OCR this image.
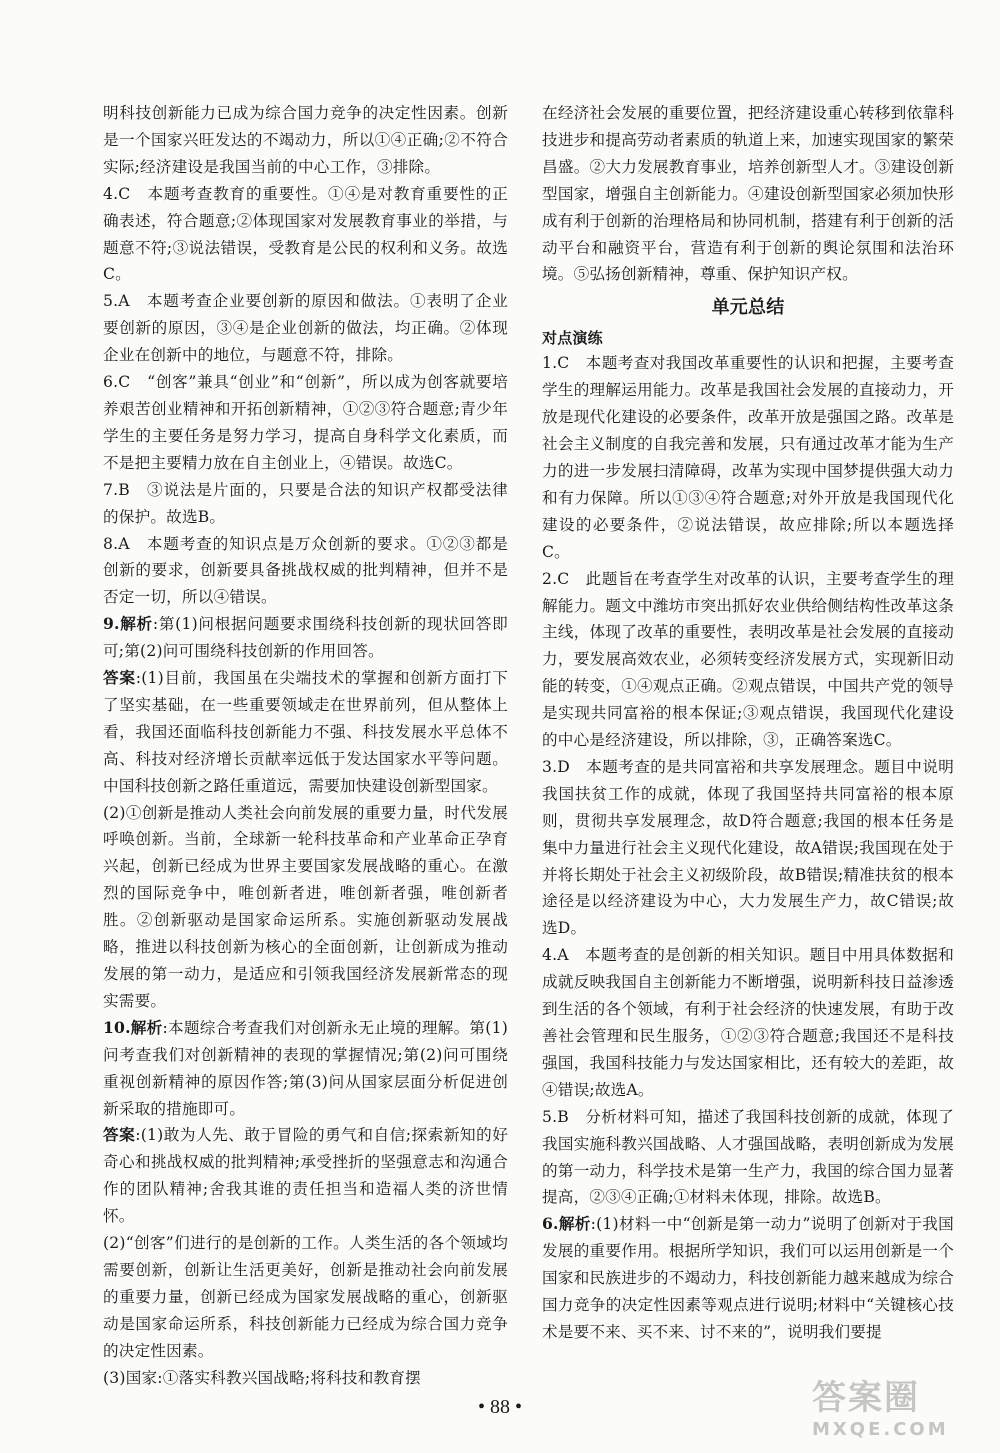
明科技创新能力已成为综合国力竞争的决定性因素。创新是一个国家兴旺发达的不竭动力，所以①④正确;②不符合实际;经济建设是我国当前的中心工作，③排除。
4.C　本题考查教育的重要性。①④是对教育重要性的正确表述，符合题意;②体现国家对发展教育事业的举措，与题意不符;③说法错误，受教育是公民的权利和义务。故选C。
5.A　本题考查企业要创新的原因和做法。①表明了企业要创新的原因，③④是企业创新的做法，均正确。②体现企业在创新中的地位，与题意不符，排除。
6.C　“创客”兼具“创业”和“创新”，所以成为创客就要培养艰苦创业精神和开拓创新精神，①②③符合题意;青少年学生的主要任务是努力学习，提高自身科学文化素质，而不是把主要精力放在自主创业上，④错误。故选C。
7.B　③说法是片面的，只要是合法的知识产权都受法律的保护。故选B。
8.A　本题考查的知识点是万众创新的要求。①②③都是创新的要求，创新要具备挑战权威的批判精神，但并不是否定一切，所以④错误。
9.解析:第(1)问根据问题要求围绕科技创新的现状回答即可;第(2)问可围绕科技创新的作用回答。
答案:(1)目前，我国虽在尖端技术的掌握和创新方面打下了坚实基础，在一些重要领域走在世界前列，但从整体上看，我国还面临科技创新能力不强、科技发展水平总体不高、科技对经济增长贡献率远低于发达国家水平等问题。中国科技创新之路任重道远，需要加快建设创新型国家。
(2)①创新是推动人类社会向前发展的重要力量，时代发展呼唤创新。当前，全球新一轮科技革命和产业革命正孕育兴起，创新已经成为世界主要国家发展战略的重心。在激烈的国际竞争中，唯创新者进，唯创新者强，唯创新者胜。②创新驱动是国家命运所系。实施创新驱动发展战略，推进以科技创新为核心的全面创新，让创新成为推动发展的第一动力，是适应和引领我国经济发展新常态的现实需要。
10.解析:本题综合考查我们对创新永无止境的理解。第(1)问考查我们对创新精神的表现的掌握情况;第(2)问可围绕重视创新精神的原因作答;第(3)问从国家层面分析促进创新采取的措施即可。
答案:(1)敢为人先、敢于冒险的勇气和自信;探索新知的好奇心和挑战权威的批判精神;承受挫折的坚强意志和沟通合作的团队精神;舍我其谁的责任担当和造福人类的济世情怀。
(2)“创客”们进行的是创新的工作。人类生活的各个领域均需要创新，创新让生活更美好，创新是推动社会向前发展的重要力量，创新已经成为国家发展战略的重心，创新驱动是国家命运所系，科技创新能力已经成为综合国力竞争的决定性因素。
(3)国家:①落实科教兴国战略;将科技和教育摆
在经济社会发展的重要位置，把经济建设重心转移到依靠科技进步和提高劳动者素质的轨道上来，加速实现国家的繁荣昌盛。②大力发展教育事业，培养创新型人才。③建设创新型国家，增强自主创新能力。④建设创新型国家必须加快形成有利于创新的治理格局和协同机制，搭建有利于创新的活动平台和融资平台，营造有利于创新的舆论氛围和法治环境。⑤弘扬创新精神，尊重、保护知识产权。
单元总结
对点演练
1.C　本题考查对我国改革重要性的认识和把握，主要考查学生的理解运用能力。改革是我国社会发展的直接动力，开放是现代化建设的必要条件，改革开放是强国之路。改革是社会主义制度的自我完善和发展，只有通过改革才能为生产力的进一步发展扫清障碍，改革为实现中国梦提供强大动力和有力保障。所以①③④符合题意;对外开放是我国现代化建设的必要条件，②说法错误，故应排除;所以本题选择C。
2.C　此题旨在考查学生对改革的认识，主要考查学生的理解能力。题文中潍坊市突出抓好农业供给侧结构性改革这条主线，体现了改革的重要性，表明改革是社会发展的直接动力，要发展高效农业，必须转变经济发展方式，实现新旧动能的转变，①④观点正确。②观点错误，中国共产党的领导是实现共同富裕的根本保证;③观点错误，我国现代化建设的中心是经济建设，所以排除，③，正确答案选C。
3.D　本题考查的是共同富裕和共享发展理念。题目中说明我国扶贫工作的成就，体现了我国坚持共同富裕的根本原则，贯彻共享发展理念，故D符合题意;我国的根本任务是集中力量进行社会主义现代化建设，故A错误;我国现在处于并将长期处于社会主义初级阶段，故B错误;精准扶贫的根本途径是以经济建设为中心，大力发展生产力，故C错误;故选D。
4.A　本题考查的是创新的相关知识。题目中用具体数据和成就反映我国自主创新能力不断增强，说明新科技日益渗透到生活的各个领域，有利于社会经济的快速发展，有助于改善社会管理和民生服务，①②③符合题意;我国还不是科技强国，我国科技能力与发达国家相比，还有较大的差距，故④错误;故选A。
5.B　分析材料可知，描述了我国科技创新的成就，体现了我国实施科教兴国战略、人才强国战略，表明创新成为发展的第一动力，科学技术是第一生产力，我国的综合国力显著提高，②③④正确;①材料未体现，排除。故选B。
6.解析:(1)材料一中“创新是第一动力”说明了创新对于我国发展的重要作用。根据所学知识，我们可以运用创新是一个国家和民族进步的不竭动力，科技创新能力越来越成为综合国力竞争的决定性因素等观点进行说明;材料中“关键核心技术是要不来、买不来、讨不来的”，说明我们要提
• 88 •	答案圈
MXQE.COM
